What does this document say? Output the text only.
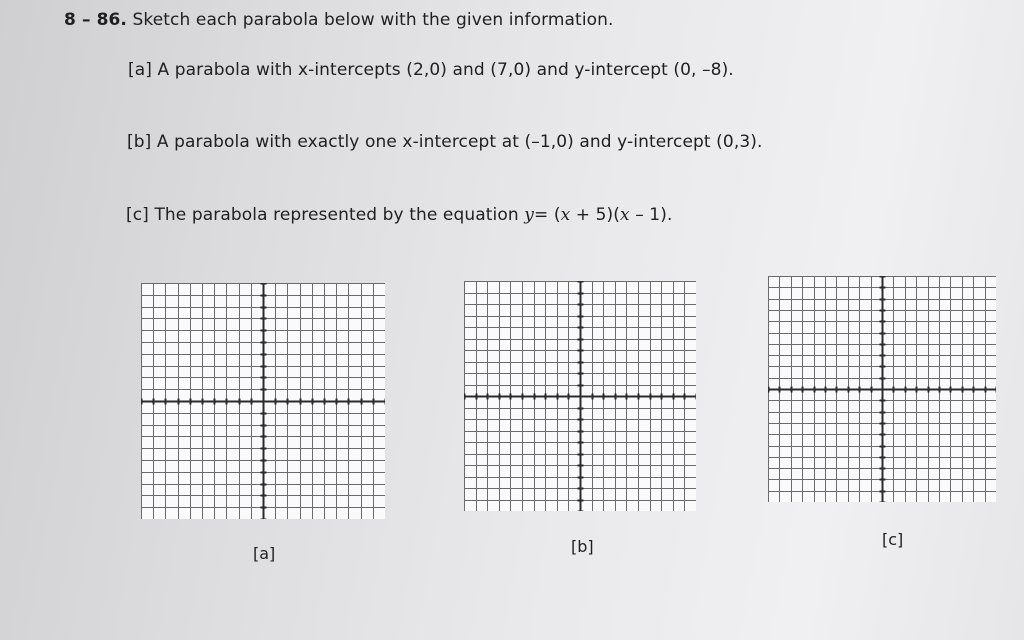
8 – 86. Sketch each parabola below with the given information.
[a] A parabola with x-intercepts (2,0) and (7,0) and y-intercept (0, –8).
[b] A parabola with exactly one x-intercept at (–1,0) and y-intercept (0,3).
[c] The parabola represented by the equation y= (x + 5)(x – 1).
[a]	[b]	[c]
